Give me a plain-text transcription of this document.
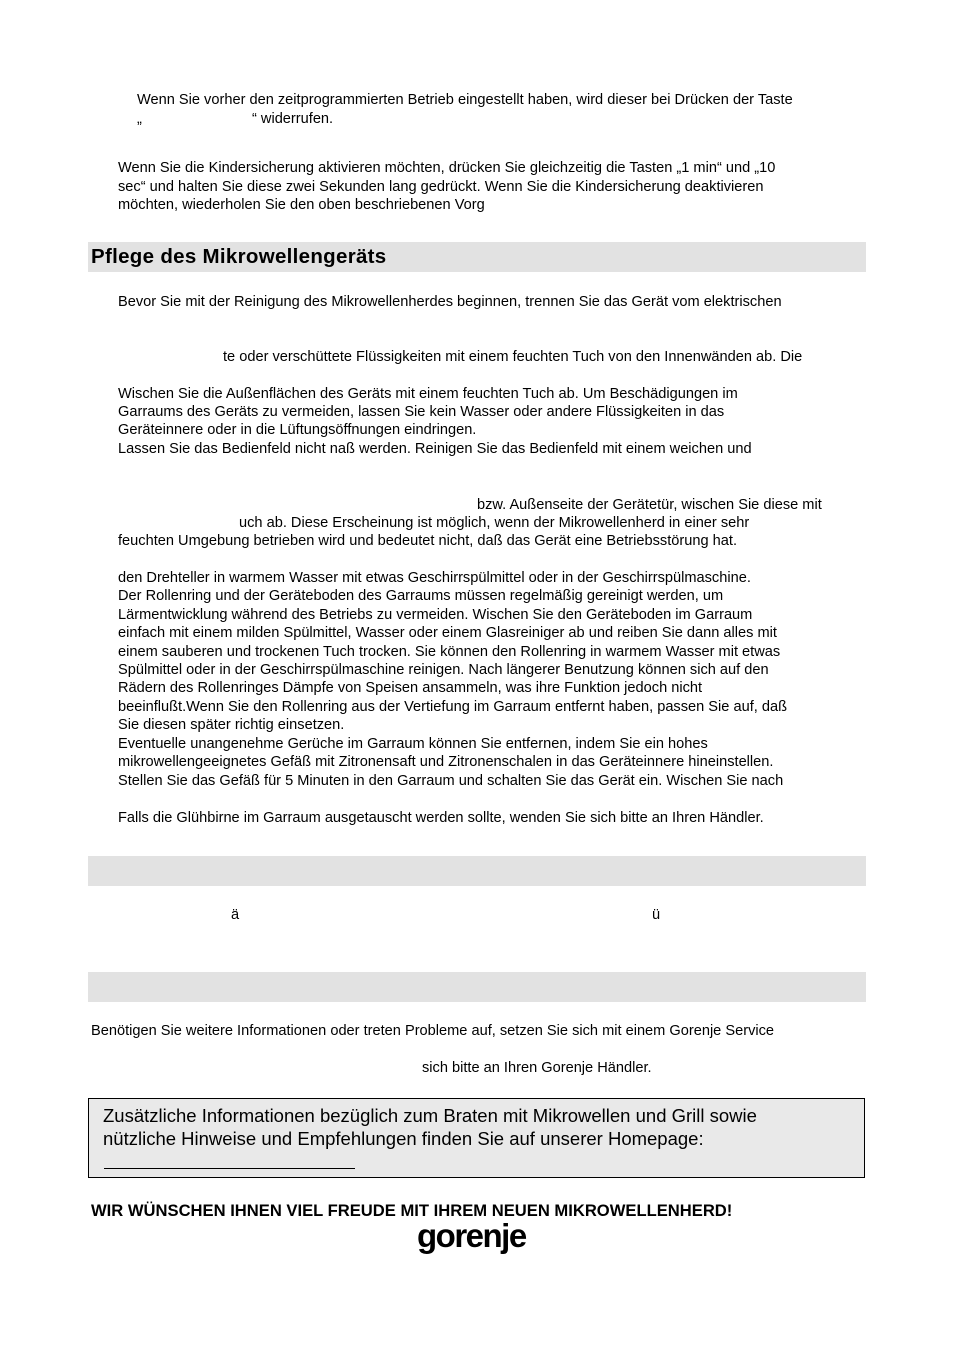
Wenn Sie vorher den zeitprogrammierten Betrieb eingestellt haben, wird dieser bei Drücken der Taste
„	“ widerrufen.
Wenn Sie die Kindersicherung aktivieren möchten, drücken Sie gleichzeitig die Tasten „1 min“ und „10
sec“ und halten Sie diese zwei Sekunden lang gedrückt. Wenn Sie die Kindersicherung deaktivieren
möchten, wiederholen Sie den oben beschriebenen Vorg
Pflege des Mikrowellengeräts
Bevor Sie mit der Reinigung des Mikrowellenherdes beginnen, trennen Sie das Gerät vom elektrischen
te oder verschüttete Flüssigkeiten mit einem feuchten Tuch von den Innenwänden ab. Die
Wischen Sie die Außenflächen des Geräts mit einem feuchten Tuch ab. Um Beschädigungen im
Garraums des Geräts zu vermeiden, lassen Sie kein Wasser oder andere Flüssigkeiten in das
Geräteinnere oder in die Lüftungsöffnungen eindringen.
Lassen Sie das Bedienfeld nicht naß werden. Reinigen Sie das Bedienfeld mit einem weichen und
bzw. Außenseite der Gerätetür, wischen Sie diese mit
uch ab. Diese Erscheinung ist möglich, wenn der Mikrowellenherd in einer sehr
feuchten Umgebung betrieben wird und bedeutet nicht, daß das Gerät eine Betriebsstörung hat.
den Drehteller in warmem Wasser mit etwas Geschirrspülmittel oder in der Geschirrspülmaschine.
Der Rollenring und der Geräteboden des Garraums müssen regelmäßig gereinigt werden, um
Lärmentwicklung während des Betriebs zu vermeiden. Wischen Sie den Geräteboden im Garraum
einfach mit einem milden Spülmittel, Wasser oder einem Glasreiniger ab und reiben Sie dann alles mit
einem sauberen und trockenen Tuch trocken. Sie können den Rollenring in warmem Wasser mit etwas
Spülmittel oder in der Geschirrspülmaschine reinigen. Nach längerer Benutzung können sich auf den
Rädern des Rollenringes Dämpfe von Speisen ansammeln, was ihre Funktion jedoch nicht
beeinflußt.Wenn Sie den Rollenring aus der Vertiefung im Garraum entfernt haben, passen Sie auf, daß
Sie diesen später richtig einsetzen.
Eventuelle unangenehme Gerüche im Garraum können Sie entfernen, indem Sie ein hohes
mikrowellengeeignetes Gefäß mit Zitronensaft und Zitronenschalen in das Geräteinnere hineinstellen.
Stellen Sie das Gefäß für 5 Minuten in den Garraum und schalten Sie das Gerät ein. Wischen Sie nach
Falls die Glühbirne im Garraum ausgetauscht werden sollte, wenden Sie sich bitte an Ihren Händler.
ä	ü
Benötigen Sie weitere Informationen oder treten Probleme auf, setzen Sie sich mit einem Gorenje Service
sich bitte an Ihren Gorenje Händler.
Zusätzliche Informationen bezüglich zum Braten mit Mikrowellen und Grill sowie
nützliche Hinweise und Empfehlungen finden Sie auf unserer Homepage:
WIR WÜNSCHEN IHNEN VIEL FREUDE MIT IHREM NEUEN MIKROWELLENHERD!
gorenje
